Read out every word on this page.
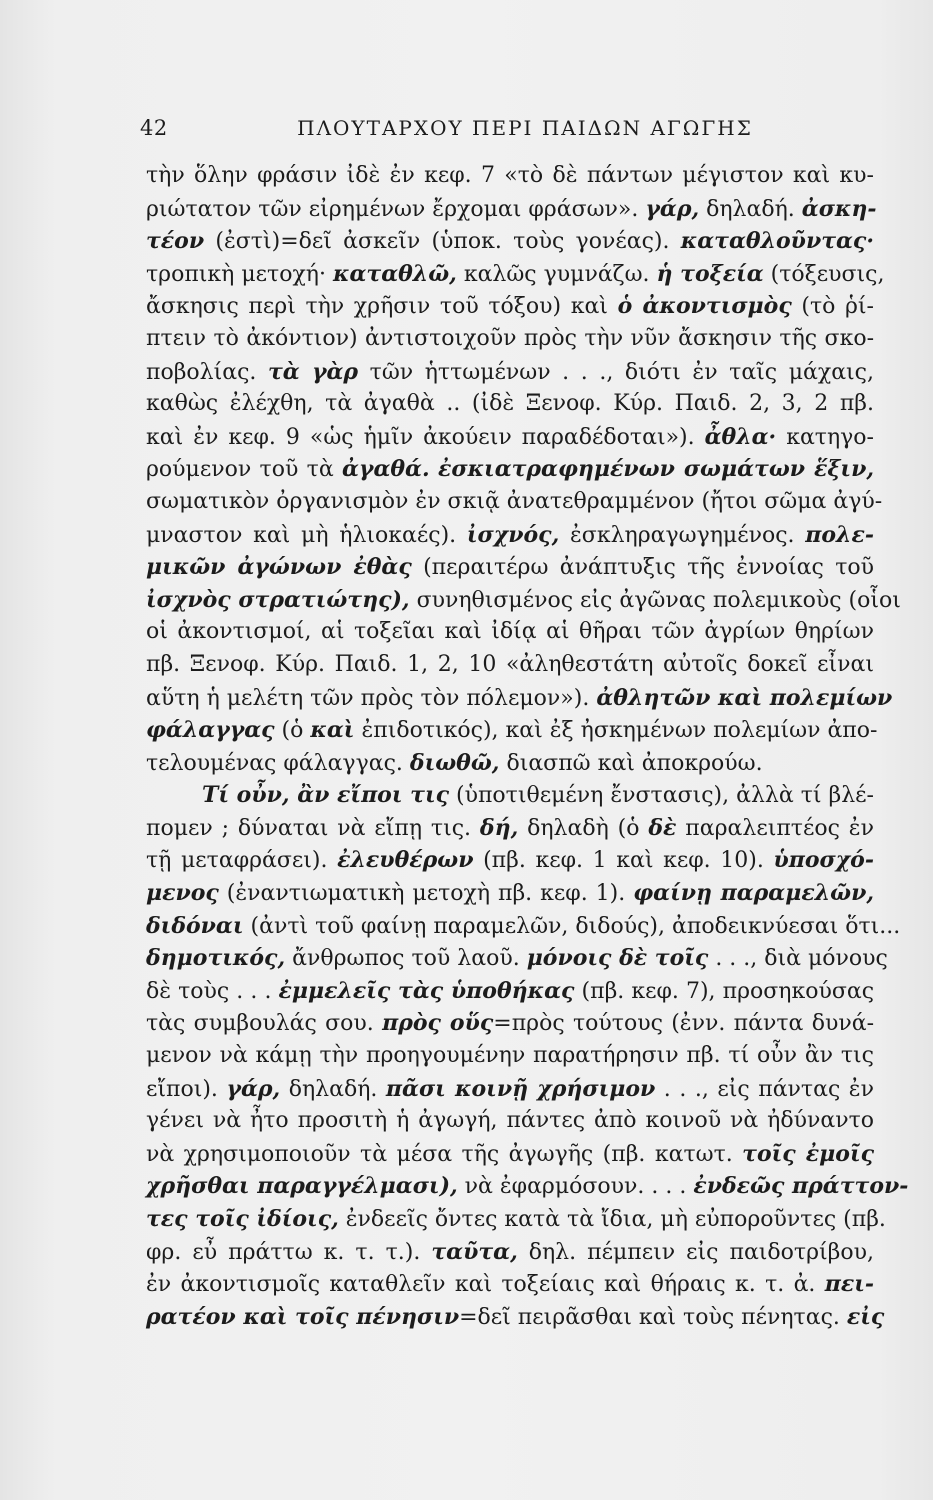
42	ΠΛΟΥΤΑΡΧΟΥ ΠΕΡΙ ΠΑΙΔΩΝ ΑΓΩΓΗΣ
τὴν ὅλην φράσιν ἰδὲ ἐν κεφ. 7 «τὸ δὲ πάντων μέγιστον καὶ κυ-
ριώτατον τῶν εἰρημένων ἔρχομαι φράσων». γάρ, δηλαδή. ἀσκη-
τέον (ἐστὶ)=δεῖ ἀσκεῖν (ὑποκ. τοὺς γονέας). καταθλοῦντας·
τροπικὴ μετοχή· καταθλῶ, καλῶς γυμνάζω. ἡ τοξεία (τόξευσις,
ἄσκησις περὶ τὴν χρῆσιν τοῦ τόξου) καὶ ὁ ἀκοντισμὸς (τὸ ῥί-
πτειν τὸ ἀκόντιον) ἀντιστοιχοῦν πρὸς τὴν νῦν ἄσκησιν τῆς σκο-
ποβολίας. τὰ γὰρ τῶν ἡττωμένων . . ., διότι ἐν ταῖς μάχαις,
καθὼς ἐλέχθη, τὰ ἀγαθὰ .. (ἰδὲ Ξενοφ. Κύρ. Παιδ. 2, 3, 2 πβ.
καὶ ἐν κεφ. 9 «ὡς ἡμῖν ἀκούειν παραδέδοται»). ἆθλα· κατηγο-
ρούμενον τοῦ τὰ ἀγαθά. ἐσκιατραφημένων σωμάτων ἕξιν,
σωματικὸν ὀργανισμὸν ἐν σκιᾷ ἀνατεθραμμένον (ἤτοι σῶμα ἀγύ-
μναστον καὶ μὴ ἡλιοκαές). ἰσχνός, ἐσκληραγωγημένος. πολε-
μικῶν ἀγώνων ἐθὰς (περαιτέρω ἀνάπτυξις τῆς ἐννοίας τοῦ
ἰσχνὸς στρατιώτης), συνηθισμένος εἰς ἀγῶνας πολεμικοὺς (οἷοι
οἱ ἀκοντισμοί, αἱ τοξεῖαι καὶ ἰδίᾳ αἱ θῆραι τῶν ἀγρίων θηρίων
πβ. Ξενοφ. Κύρ. Παιδ. 1, 2, 10 «ἀληθεστάτη αὐτοῖς δοκεῖ εἶναι
αὕτη ἡ μελέτη τῶν πρὸς τὸν πόλεμον»). ἀθλητῶν καὶ πολεμίων
φάλαγγας (ὁ καὶ ἐπιδοτικός), καὶ ἐξ ἠσκημένων πολεμίων ἀπο-
τελουμένας φάλαγγας. διωθῶ, διασπῶ καὶ ἀποκρούω.
Τί οὖν, ἂν εἴποι τις (ὑποτιθεμένη ἔνστασις), ἀλλὰ τί βλέ-
πομεν ; δύναται νὰ εἴπῃ τις. δή, δηλαδὴ (ὁ δὲ παραλειπτέος ἐν
τῇ μεταφράσει). ἐλευθέρων (πβ. κεφ. 1 καὶ κεφ. 10). ὑποσχό-
μενος (ἐναντιωματικὴ μετοχὴ πβ. κεφ. 1). φαίνῃ παραμελῶν,
διδόναι (ἀντὶ τοῦ φαίνῃ παραμελῶν, διδούς), ἀποδεικνύεσαι ὅτι...
δημοτικός, ἄνθρωπος τοῦ λαοῦ. μόνοις δὲ τοῖς . . ., διὰ μόνους
δὲ τοὺς . . . ἐμμελεῖς τὰς ὑποθήκας (πβ. κεφ. 7), προσηκούσας
τὰς συμβουλάς σου. πρὸς οὕς=πρὸς τούτους (ἐνν. πάντα δυνά-
μενον νὰ κάμῃ τὴν προηγουμένην παρατήρησιν πβ. τί οὖν ἂν τις
εἴποι). γάρ, δηλαδή. πᾶσι κοινῇ χρήσιμον . . ., εἰς πάντας ἐν
γένει νὰ ἦτο προσιτὴ ἡ ἀγωγή, πάντες ἀπὸ κοινοῦ νὰ ἠδύναντο
νὰ χρησιμοποιοῦν τὰ μέσα τῆς ἀγωγῆς (πβ. κατωτ. τοῖς ἐμοῖς
χρῆσθαι παραγγέλμασι), νὰ ἐφαρμόσουν. . . . ἐνδεῶς πράττον-
τες τοῖς ἰδίοις, ἐνδεεῖς ὄντες κατὰ τὰ ἴδια, μὴ εὐποροῦντες (πβ.
φρ. εὖ πράττω κ. τ. τ.). ταῦτα, δηλ. πέμπειν εἰς παιδοτρίβου,
ἐν ἀκοντισμοῖς καταθλεῖν καὶ τοξείαις καὶ θήραις κ. τ. ἀ. πει-
ρατέον καὶ τοῖς πένησιν=δεῖ πειρᾶσθαι καὶ τοὺς πένητας. εἰς
